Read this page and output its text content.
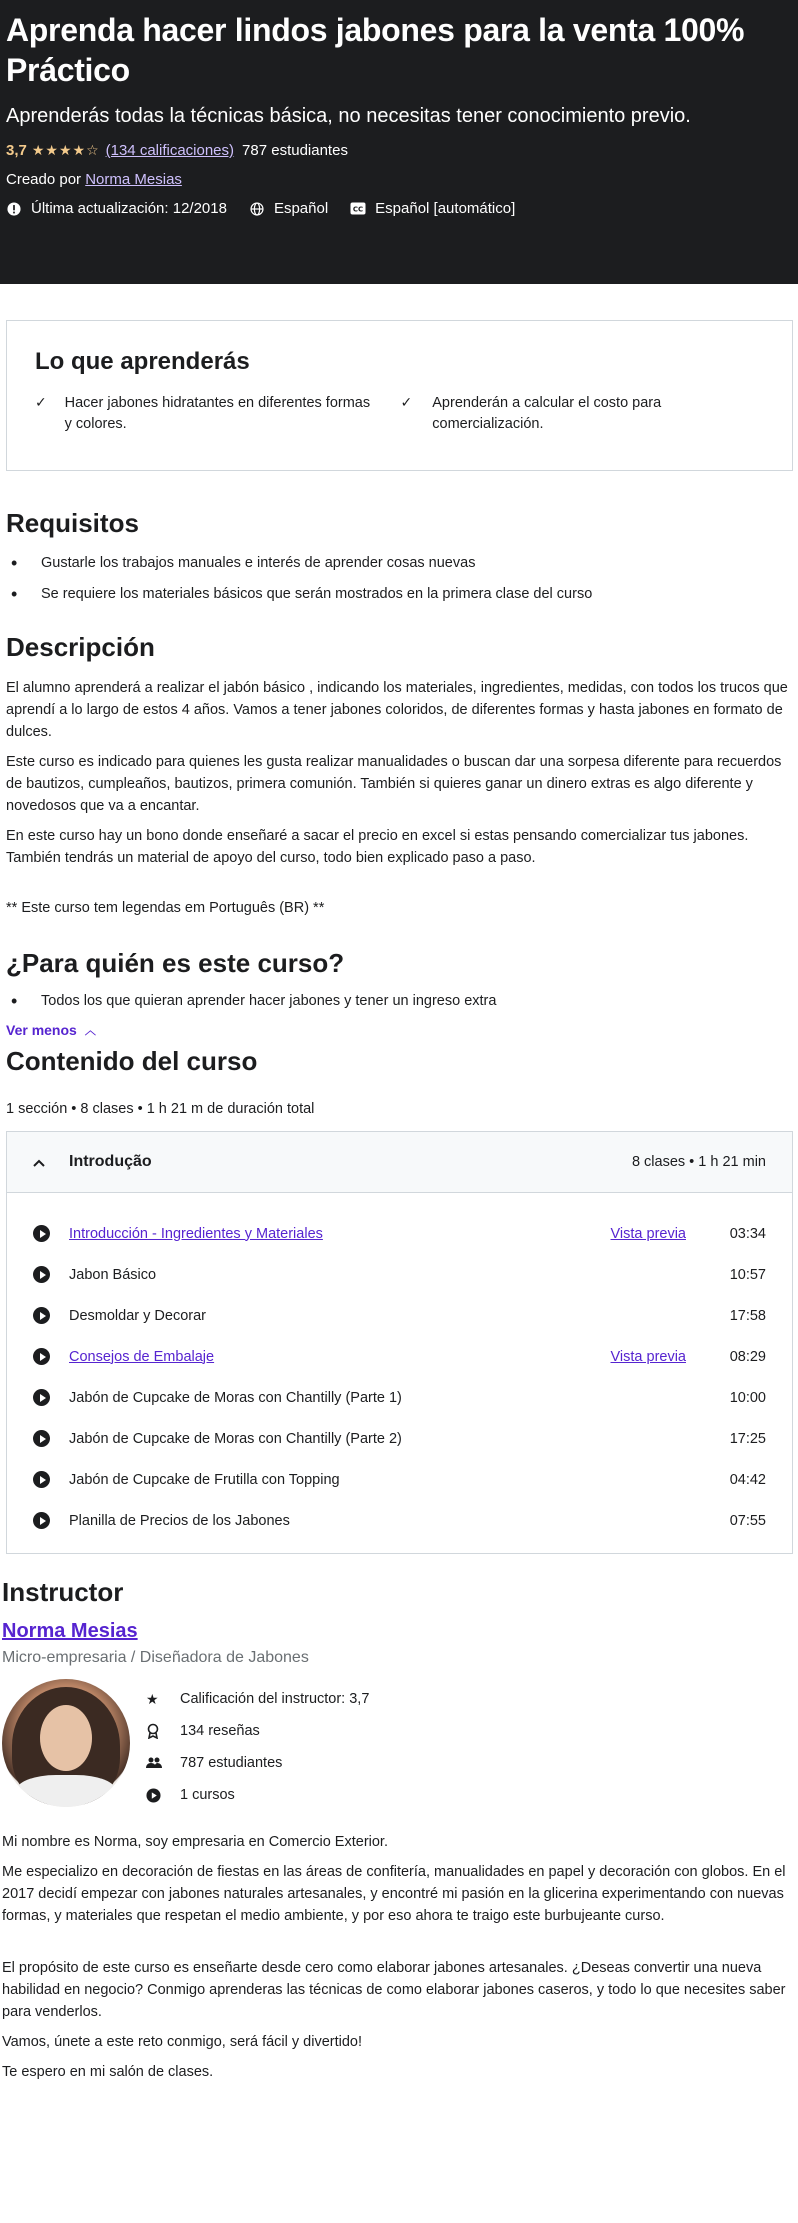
Aprenda hacer lindos jabones para la venta 100% Práctico
Aprenderás todas la técnicas básica, no necesitas tener conocimiento previo.
3,7 ★★★★☆ (134 calificaciones) 787 estudiantes
Creado por Norma Mesias
Última actualización: 12/2018	Español	CC Español [automático]
Lo que aprenderás
✓	Hacer jabones hidratantes en diferentes formas y colores.
✓	Aprenderán a calcular el costo para comercialización.
Requisitos
•	Gustarle los trabajos manuales e interés de aprender cosas nuevas
•	Se requiere los materiales básicos que serán mostrados en la primera clase del curso
Descripción

El alumno aprenderá a realizar el jabón básico , indicando los materiales, ingredientes, medidas, con todos los trucos que aprendí a lo largo de estos 4 años. Vamos a tener jabones coloridos, de diferentes formas y hasta jabones en formato de dulces.

Este curso es indicado para quienes les gusta realizar manualidades o buscan dar una sorpesa diferente para recuerdos de bautizos, cumpleaños, bautizos, primera comunión. También si quieres ganar un dinero extras es algo diferente y novedosos que va a encantar.

En este curso hay un bono donde enseñaré a sacar el precio en excel si estas pensando comercializar tus jabones. También tendrás un material de apoyo del curso, todo bien explicado paso a paso.

** Este curso tem legendas em Português (BR) **

¿Para quién es este curso?
•	Todos los que quieran aprender hacer jabones y tener un ingreso extra
Ver menos ︿
Contenido del curso
1 sección • 8 clases • 1 h 21 m de duración total
Introdução	8 clases • 1 h 21 min
Introducción - Ingredientes y Materiales	Vista previa	03:34
Jabon Básico	10:57
Desmoldar y Decorar	17:58
Consejos de Embalaje	Vista previa	08:29
Jabón de Cupcake de Moras con Chantilly (Parte 1)	10:00
Jabón de Cupcake de Moras con Chantilly (Parte 2)	17:25
Jabón de Cupcake de Frutilla con Topping	04:42
Planilla de Precios de los Jabones	07:55
Instructor
Norma Mesias
Micro-empresaria / Diseñadora de Jabones
★	Calificación del instructor: 3,7
134 reseñas
787 estudiantes
1 cursos

Mi nombre es Norma, soy empresaria en Comercio Exterior.

Me especializo en decoración de fiestas en las áreas de confitería, manualidades en papel y decoración con globos. En el 2017 decidí empezar con jabones naturales artesanales, y encontré mi pasión en la glicerina experimentando con nuevas formas, y materiales que respetan el medio ambiente, y por eso ahora te traigo este burbujeante curso.

El propósito de este curso es enseñarte desde cero como elaborar jabones artesanales. ¿Deseas convertir una nueva habilidad en negocio? Conmigo aprenderas las técnicas de como elaborar jabones caseros, y todo lo que necesites saber para venderlos.

Vamos, únete a este reto conmigo, será fácil y divertido!

Te espero en mi salón de clases.
